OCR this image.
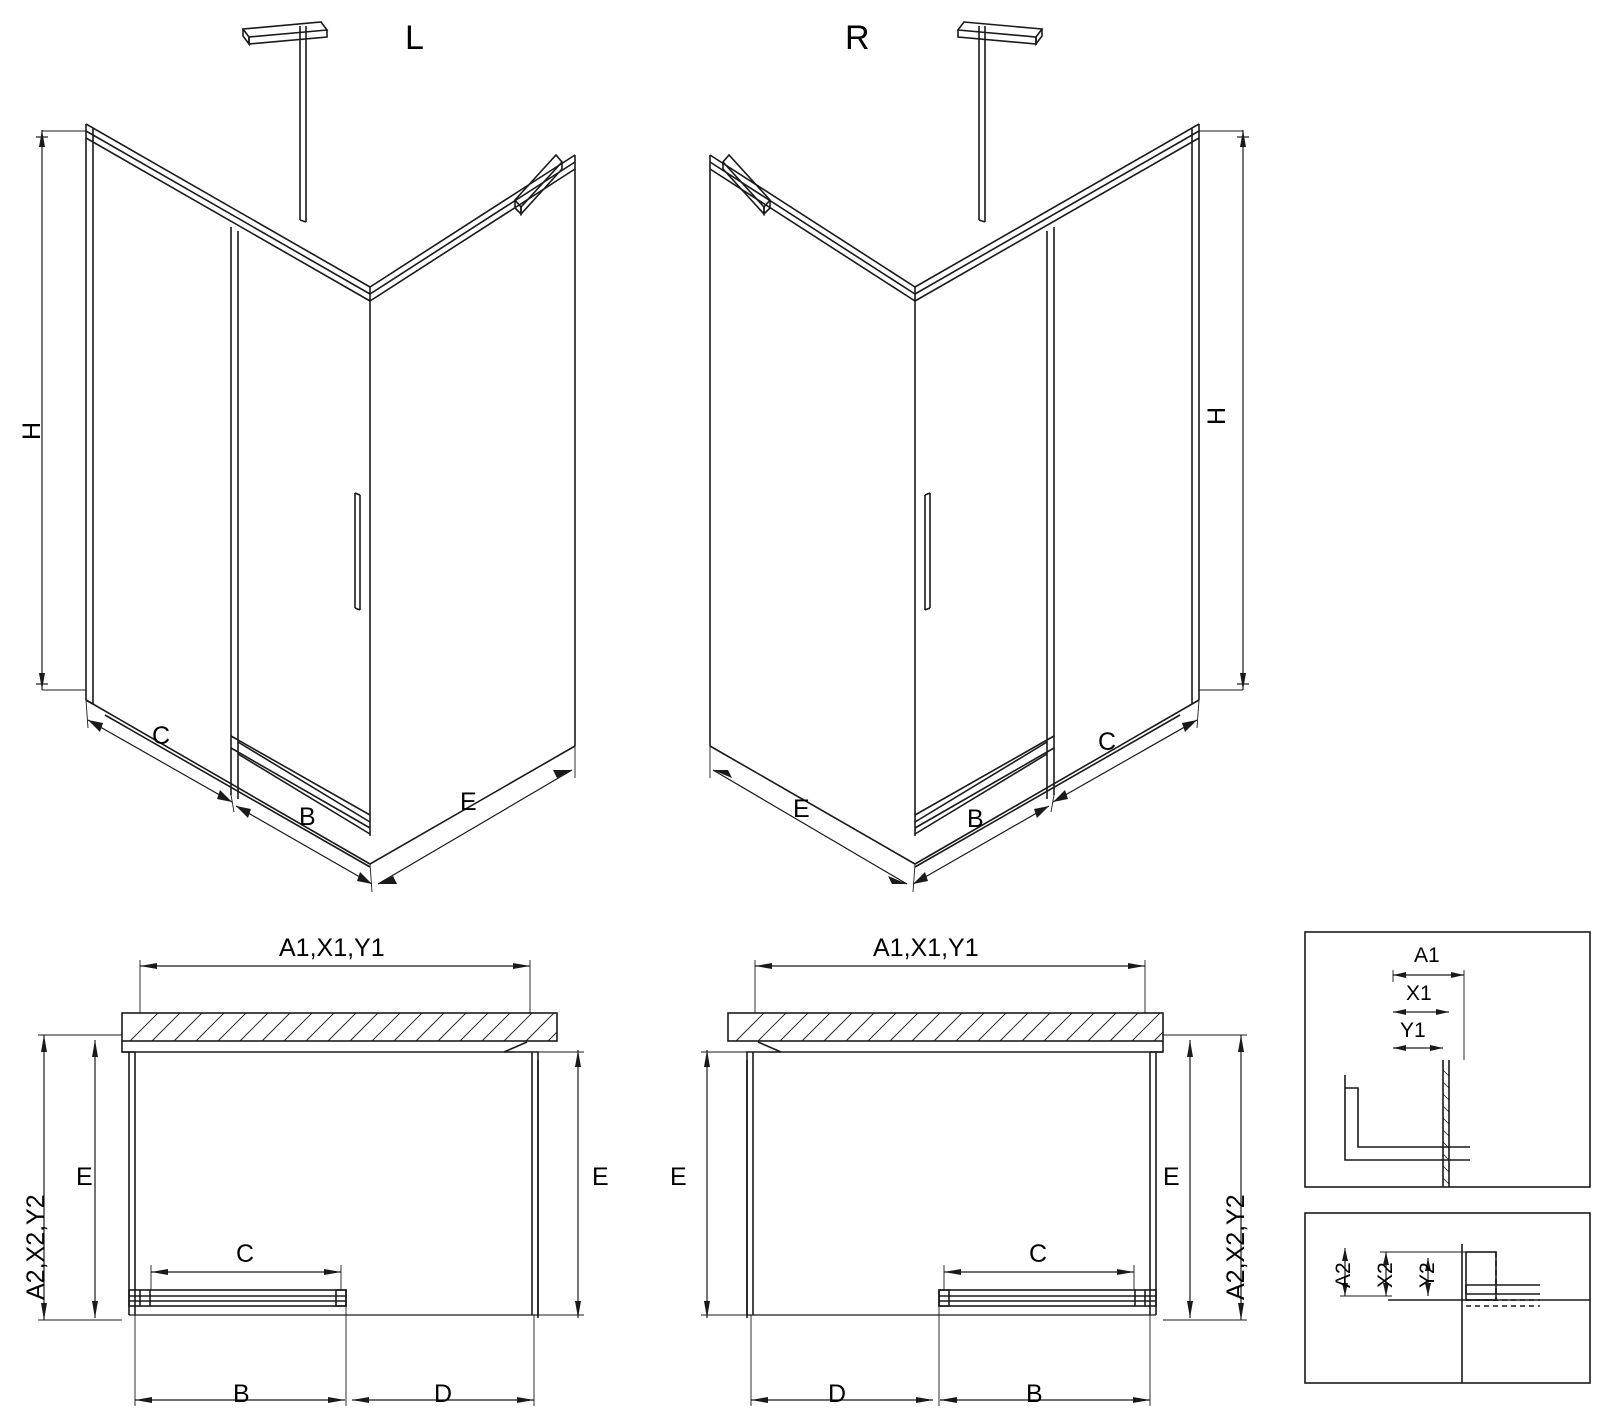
L
H
C
B
E
R
H
C
B
E
A1,X1,Y1
A2,X2,Y2
E	E
C
B	D
A1,X1,Y1
A2,X2,Y2
E	E
C
D	B
A1
X1
Y1
A2 X2 Y2
